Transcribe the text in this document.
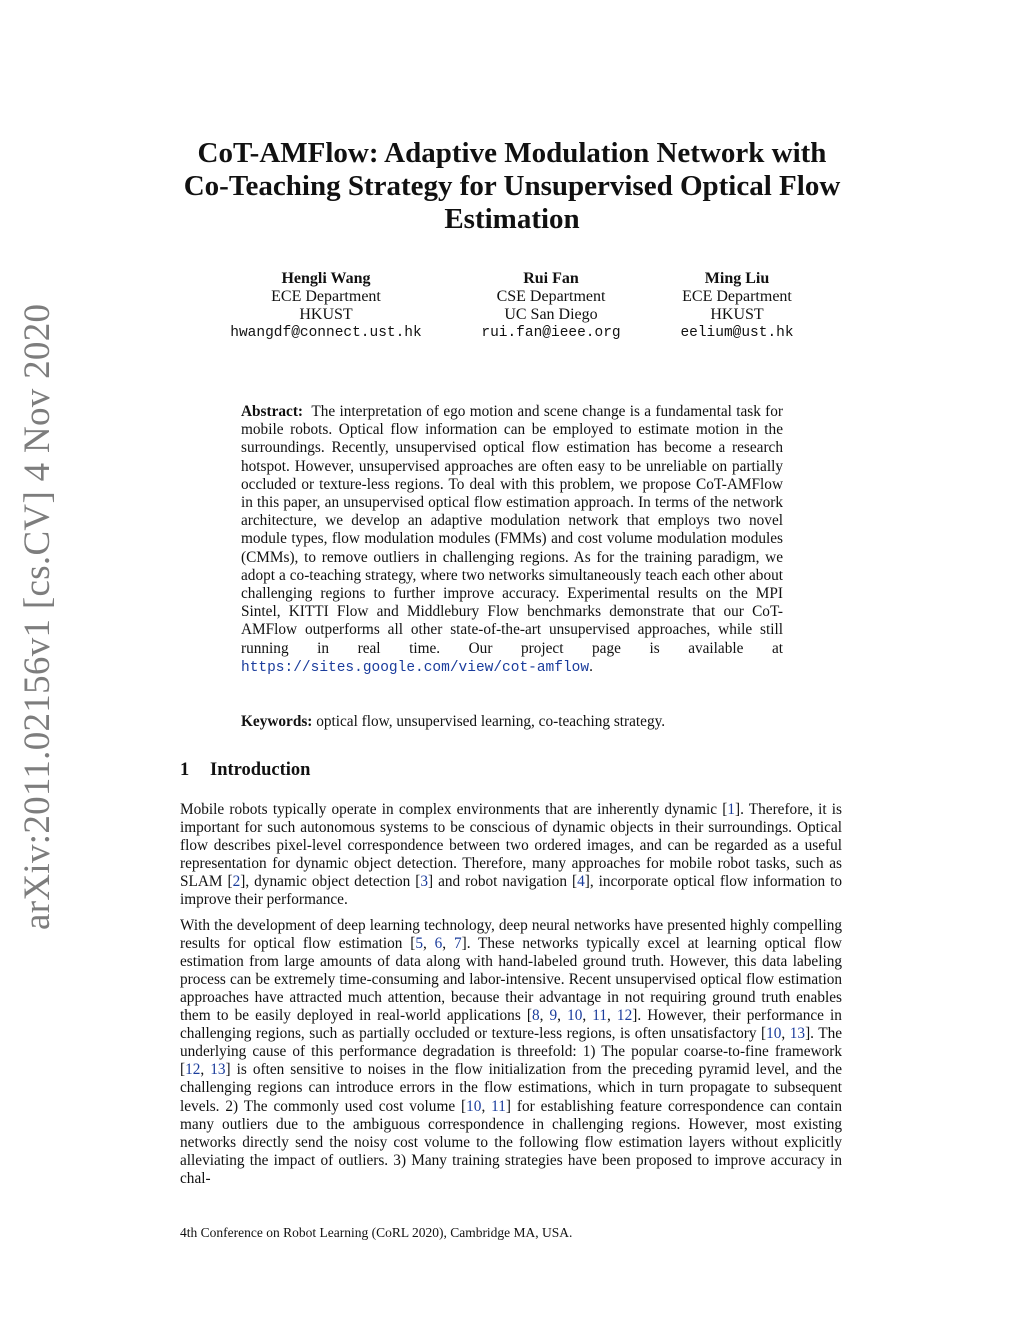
arXiv:2011.02156v1 [cs.CV] 4 Nov 2020
CoT-AMFlow: Adaptive Modulation Network with Co-Teaching Strategy for Unsupervised Optical Flow Estimation
Hengli Wang
ECE Department
HKUST
hwangdf@connect.ust.hk
Rui Fan
CSE Department
UC San Diego
rui.fan@ieee.org
Ming Liu
ECE Department
HKUST
eelium@ust.hk

Abstract: The interpretation of ego motion and scene change is a fundamental task for mobile robots. Optical flow information can be employed to estimate motion in the surroundings. Recently, unsupervised optical flow estimation has become a research hotspot. However, unsupervised approaches are often easy to be unreliable on partially occluded or texture-less regions. To deal with this problem, we propose CoT-AMFlow in this paper, an unsupervised optical flow estimation approach. In terms of the network architecture, we develop an adaptive modulation network that employs two novel module types, flow modulation modules (FMMs) and cost volume modulation modules (CMMs), to remove outliers in challenging regions. As for the training paradigm, we adopt a co-teaching strategy, where two networks simultaneously teach each other about challenging regions to further improve accuracy. Experimental results on the MPI Sintel, KITTI Flow and Middlebury Flow benchmarks demonstrate that our CoT-AMFlow outperforms all other state-of-the-art unsupervised approaches, while still running in real time. Our project page is available at https://sites.google.com/view/cot-amflow.

Keywords: optical flow, unsupervised learning, co-teaching strategy.
1 Introduction

Mobile robots typically operate in complex environments that are inherently dynamic [1]. Therefore, it is important for such autonomous systems to be conscious of dynamic objects in their surroundings. Optical flow describes pixel-level correspondence between two ordered images, and can be regarded as a useful representation for dynamic object detection. Therefore, many approaches for mobile robot tasks, such as SLAM [2], dynamic object detection [3] and robot navigation [4], incorporate optical flow information to improve their performance.

With the development of deep learning technology, deep neural networks have presented highly compelling results for optical flow estimation [5, 6, 7]. These networks typically excel at learning optical flow estimation from large amounts of data along with hand-labeled ground truth. However, this data labeling process can be extremely time-consuming and labor-intensive. Recent unsupervised optical flow estimation approaches have attracted much attention, because their advantage in not requiring ground truth enables them to be easily deployed in real-world applications [8, 9, 10, 11, 12]. However, their performance in challenging regions, such as partially occluded or texture-less regions, is often unsatisfactory [10, 13]. The underlying cause of this performance degradation is threefold: 1) The popular coarse-to-fine framework [12, 13] is often sensitive to noises in the flow initialization from the preceding pyramid level, and the challenging regions can introduce errors in the flow estimations, which in turn propagate to subsequent levels. 2) The commonly used cost volume [10, 11] for establishing feature correspondence can contain many outliers due to the ambiguous correspondence in challenging regions. However, most existing networks directly send the noisy cost volume to the following flow estimation layers without explicitly alleviating the impact of outliers. 3) Many training strategies have been proposed to improve accuracy in chal-

4th Conference on Robot Learning (CoRL 2020), Cambridge MA, USA.
